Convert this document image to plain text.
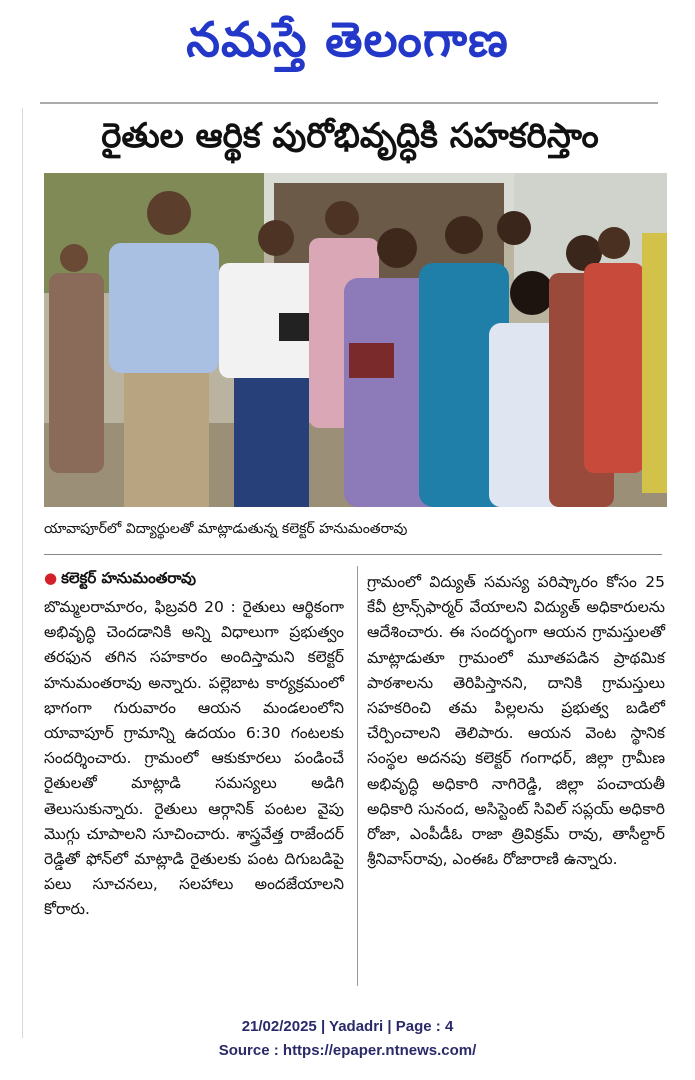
నమస్తే తెలంగాణ
రైతుల ఆర్థిక పురోభివృద్ధికి సహకరిస్తాం
యావాపూర్‌లో విద్యార్థులతో మాట్లాడుతున్న కలెక్టర్ హనుమంతరావు
● కలెక్టర్ హనుమంతరావు
బొమ్మలరామారం, ఫిబ్రవరి 20 : రైతులు ఆర్థికంగా అభివృద్ధి చెందడానికి అన్ని విధాలుగా ప్రభుత్వం తరఫున తగిన సహకారం అందిస్తామని కలెక్టర్ హనుమంతరావు అన్నారు. పల్లెబాట కార్యక్రమంలో భాగంగా గురువారం ఆయన మండలంలోని యావాపూర్ గ్రామాన్ని ఉదయం 6:30 గంటలకు సందర్శించారు. గ్రామంలో ఆకుకూరలు పండించే రైతులతో మాట్లాడి సమస్యలు అడిగి తెలుసుకున్నారు. రైతులు ఆర్గానిక్ పంటల వైపు మొగ్గు చూపాలని సూచించారు. శాస్త్రవేత్త రాజేందర్ రెడ్డితో ఫోన్‌లో మాట్లాడి రైతులకు పంట దిగుబడిపై పలు సూచనలు, సలహాలు అందజేయాలని కోరారు.
గ్రామంలో విద్యుత్ సమస్య పరిష్కారం కోసం 25 కేవీ ట్రాన్స్‌ఫార్మర్ వేయాలని విద్యుత్ అధికారులను ఆదేశించారు. ఈ సందర్భంగా ఆయన గ్రామస్తులతో మాట్లాడుతూ గ్రామంలో మూతపడిన ప్రాథమిక పాఠశాలను తెరిపిస్తానని, దానికి గ్రామస్తులు సహకరించి తమ పిల్లలను ప్రభుత్వ బడిలో చేర్పించాలని తెలిపారు. ఆయన వెంట స్థానిక సంస్థల అదనపు కలెక్టర్ గంగాధర్, జిల్లా గ్రామీణ అభివృద్ధి అధికారి నాగిరెడ్డి, జిల్లా పంచాయతీ అధికారి సునంద, అసిస్టెంట్ సివిల్ సప్లయ్ అధికారి రోజా, ఎంపీడీఓ రాజా త్రివిక్రమ్ రావు, తాసీల్దార్ శ్రీనివాస్‌రావు, ఎంఈఓ రోజారాణి ఉన్నారు.
21/02/2025 | Yadadri | Page : 4
Source : https://epaper.ntnews.com/
